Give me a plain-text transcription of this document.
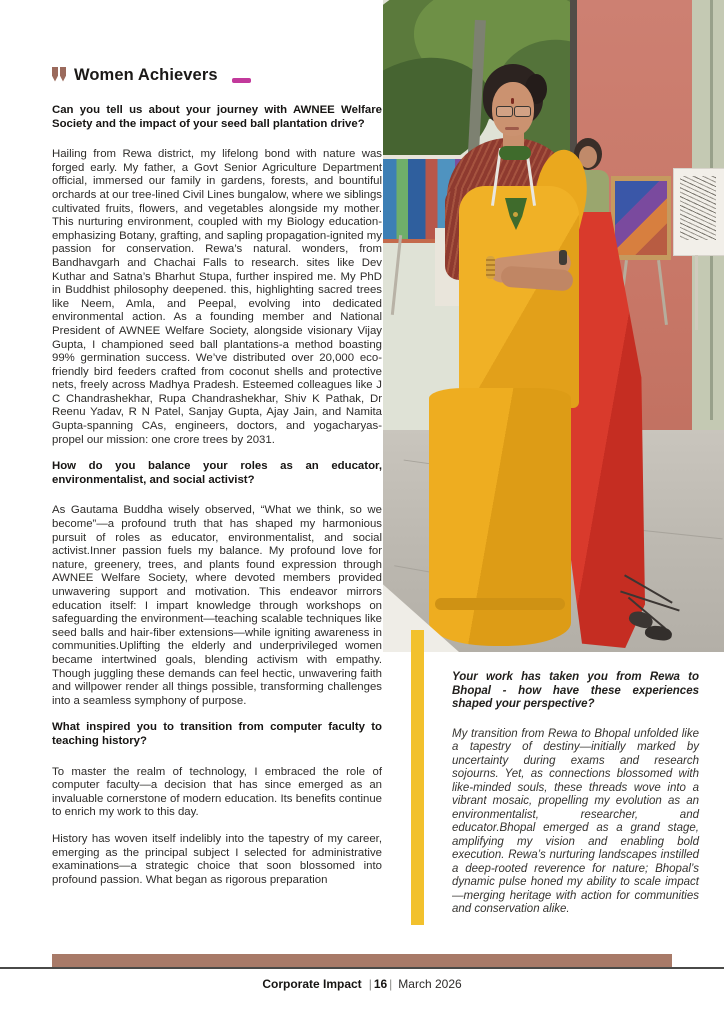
Women Achievers

Can you tell us about your journey with AWNEE Welfare Society and the impact of your seed ball plantation drive?

Hailing from Rewa district, my lifelong bond with nature was forged early. My father, a Govt Senior Agriculture Department official, immersed our family in gardens, forests, and bountiful orchards at our tree-lined Civil Lines bungalow, where we siblings cultivated fruits, flowers, and vegetables alongside my mother. This nurturing environment, coupled with my Biology education-emphasizing Botany, grafting, and sapling propagation-ignited my passion for conservation. Rewa’s natural. wonders, from Bandhavgarh and Chachai Falls to research. sites like Dev Kuthar and Satna’s Bharhut Stupa, further inspired me. My PhD in Buddhist philosophy deepened. this, highlighting sacred trees like Neem, Amla, and Peepal, evolving into dedicated environmental action. As a founding member and National President of AWNEE Welfare Society, alongside visionary Vijay Gupta, I championed seed ball plantations-a method boasting 99% germination success. We’ve distributed over 20,000 eco-friendly bird feeders crafted from coconut shells and protective nets, freely across Madhya Pradesh. Esteemed colleagues like J C Chandrashekhar, Rupa Chandrashekhar, Shiv K Pathak, Dr Reenu Yadav, R N Patel, Sanjay Gupta, Ajay Jain, and Namita Gupta-spanning CAs, engineers, doctors, and yogacharyas-propel our mission: one crore trees by 2031.

How do you balance your roles as an educator, environmentalist, and social activist?

As Gautama Buddha wisely observed, “What we think, so we become”—a profound truth that has shaped my harmonious pursuit of roles as educator, environmentalist, and social activist.Inner passion fuels my balance. My profound love for nature, greenery, trees, and plants found expression through AWNEE Welfare Society, where devoted members provided unwavering support and motivation. This endeavor mirrors education itself: I impart knowledge through workshops on safeguarding the environment—teaching scalable techniques like seed balls and hair-fiber extensions—while igniting awareness in communities.Uplifting the elderly and underprivileged women became intertwined goals, blending activism with empathy. Though juggling these demands can feel hectic, unwavering faith and willpower render all things possible, transforming challenges into a seamless symphony of purpose.

What inspired you to transition from computer faculty to teaching history?

To master the realm of technology, I embraced the role of computer faculty—a decision that has since emerged as an invaluable cornerstone of modern education. Its benefits continue to enrich my work to this day.

History has woven itself indelibly into the tapestry of my career, emerging as the principal subject I selected for administrative examinations—a strategic choice that soon blossomed into profound passion. What began as rigorous preparation

Your work has taken you from Rewa to Bhopal - how have these experiences shaped your perspective?

My transition from Rewa to Bhopal unfolded like a tapestry of destiny—initially marked by uncertainty during exams and research sojourns. Yet, as connections blossomed with like-minded souls, these threads wove into a vibrant mosaic, propelling my evolution as an environmentalist, researcher, and educator.Bhopal emerged as a grand stage, amplifying my vision and enabling bold execution. Rewa’s nurturing landscapes instilled a deep-rooted reverence for nature; Bhopal’s dynamic pulse honed my ability to scale impact—merging heritage with action for communities and conservation alike.

Corporate Impact | 16 | March 2026
